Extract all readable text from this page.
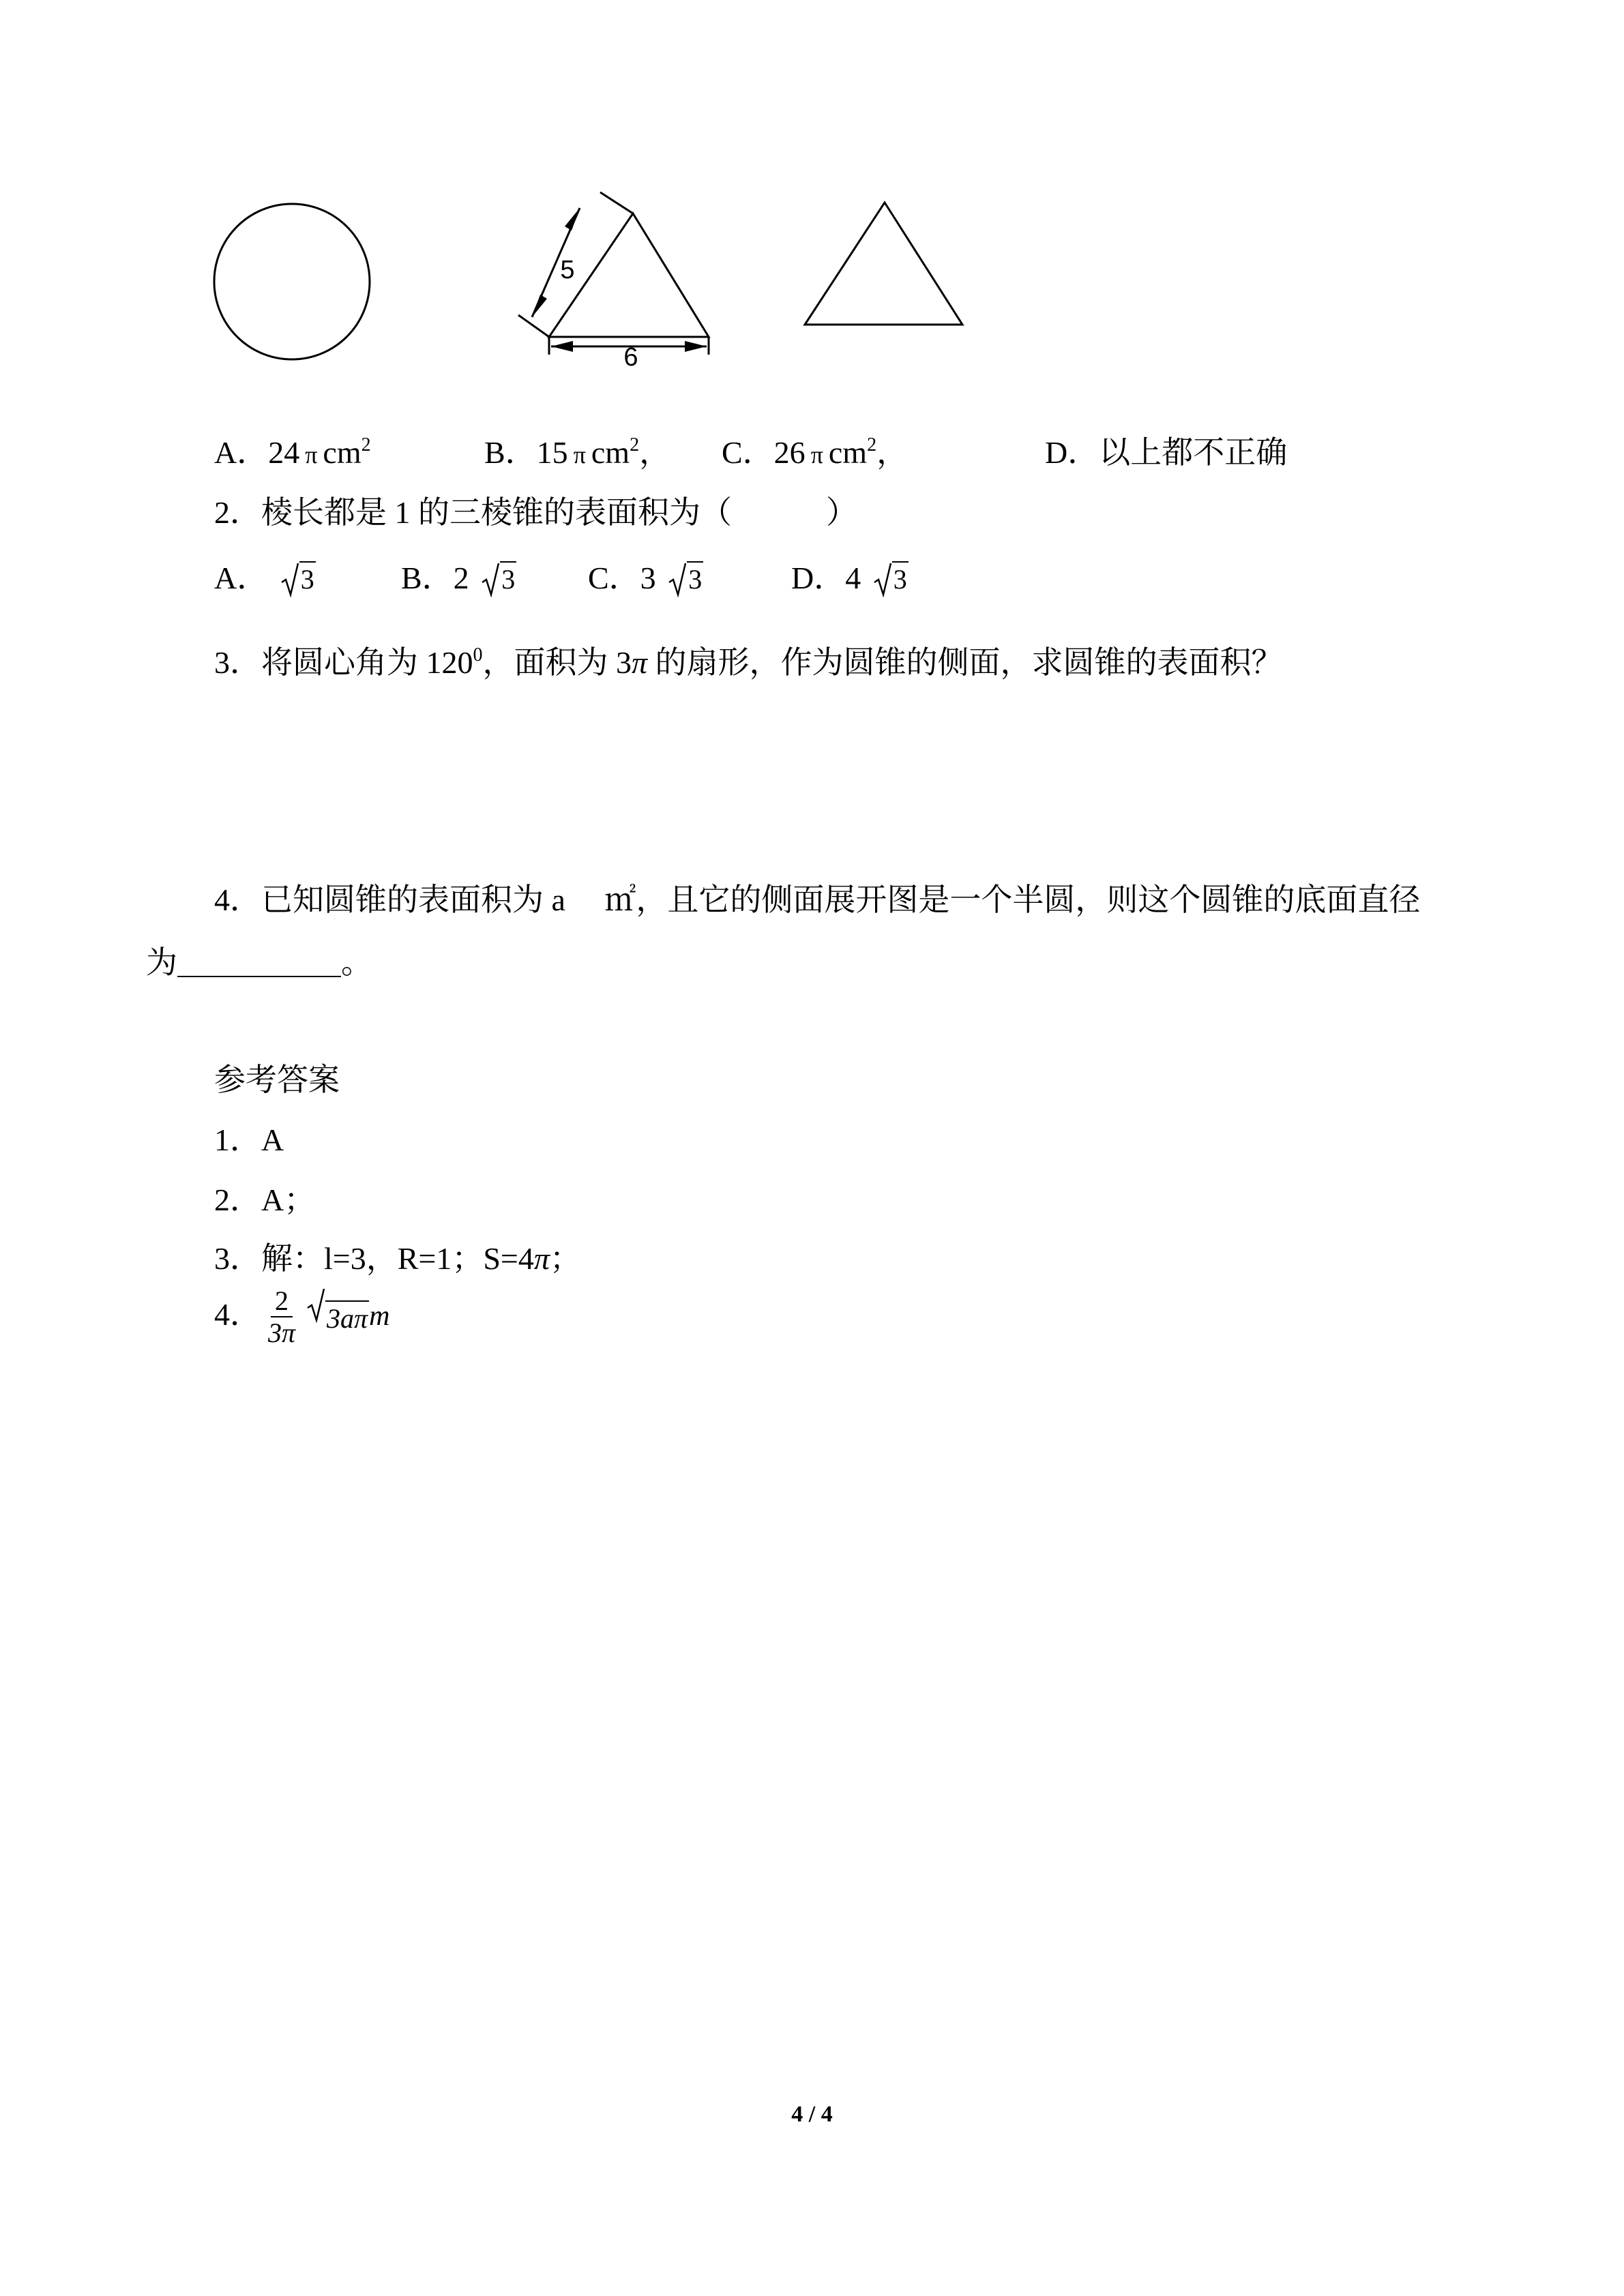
5
6
A．24 π $cm^2$	B．15 π $cm^2$， C．26 π $cm^2$，	D．以上都不正确
2．棱长都是 1 的三棱锥的表面积为（　　　）
A． 3	B．2 3 C．3 3	D．4 3
3．将圆心角为 $120^0$，面积为 3π 的扇形，作为圆锥的侧面，求圆锥的表面积？
4．已知圆锥的表面积为 a　 ㎡，且它的侧面展开图是一个半圆，则这个圆锥的底面直径
为	。
参考答案
1．A
2．A；
3．解：l=3，R=1；S=4π；
4． $\frac{2}{3\pi} 3a\pi m$
4 / 4
